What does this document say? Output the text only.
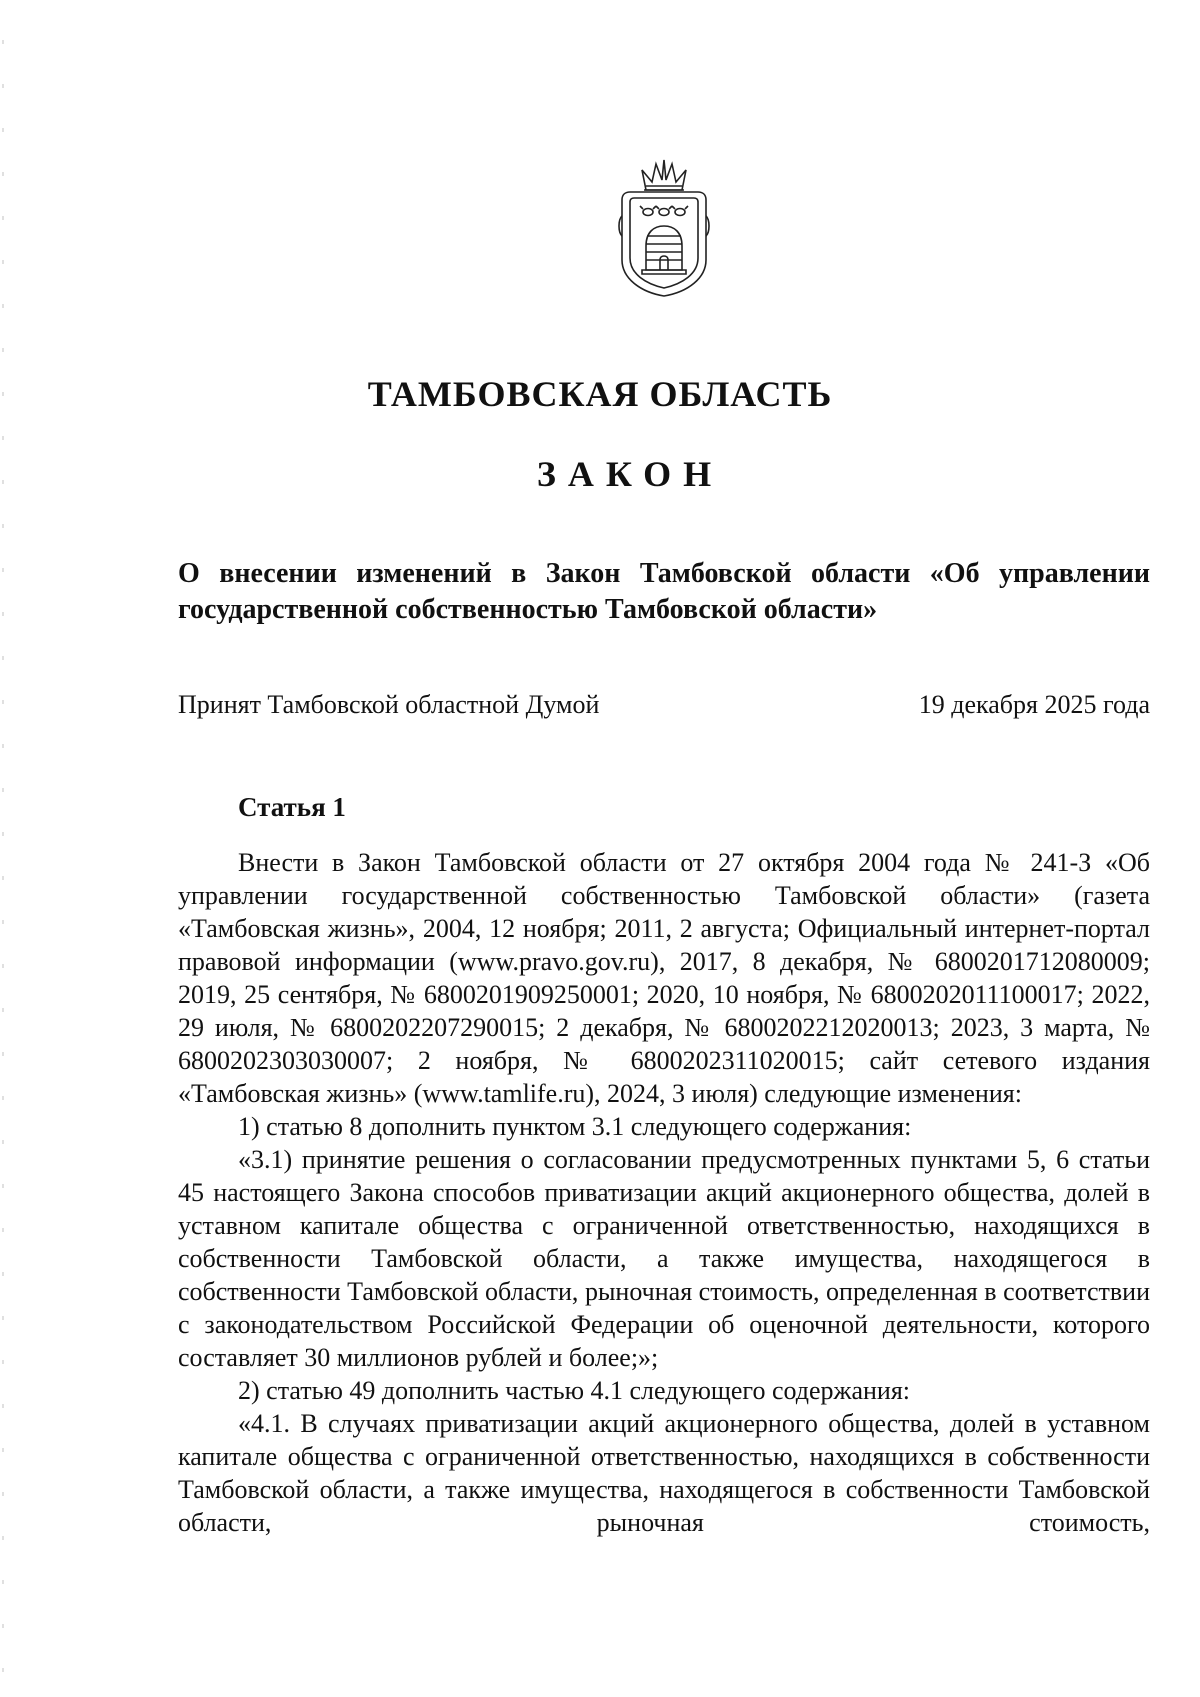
ТАМБОВСКАЯ ОБЛАСТЬ
ЗАКОН

О внесении изменений в Закон Тамбовской области «Об управлении государственной собственностью Тамбовской области»

Принят Тамбовской областной Думой	19 декабря 2025 года
Статья 1

Внести в Закон Тамбовской области от 27 октября 2004 года № 241-З «Об управлении государственной собственностью Тамбовской области» (газета «Тамбовская жизнь», 2004, 12 ноября; 2011, 2 августа; Официальный интернет-портал правовой информации (www.pravo.gov.ru), 2017, 8 декабря, № 6800201712080009; 2019, 25 сентября, № 6800201909250001; 2020, 10 ноября, № 6800202011100017; 2022, 29 июля, № 6800202207290015; 2 декабря, № 6800202212020013; 2023, 3 марта, № 6800202303030007; 2 ноября, № 6800202311020015; сайт сетевого издания «Тамбовская жизнь» (www.tamlife.ru), 2024, 3 июля) следующие изменения:

1) статью 8 дополнить пунктом 3.1 следующего содержания:

«3.1) принятие решения о согласовании предусмотренных пунктами 5, 6 статьи 45 настоящего Закона способов приватизации акций акционерного общества, долей в уставном капитале общества с ограниченной ответственностью, находящихся в собственности Тамбовской области, а также имущества, находящегося в собственности Тамбовской области, рыночная стоимость, определенная в соответствии с законодательством Российской Федерации об оценочной деятельности, которого составляет 30 миллионов рублей и более;»;

2) статью 49 дополнить частью 4.1 следующего содержания:

«4.1. В случаях приватизации акций акционерного общества, долей в уставном капитале общества с ограниченной ответственностью, находящихся в собственности Тамбовской области, а также имущества, находящегося в собственности Тамбовской области, рыночная стоимость,
